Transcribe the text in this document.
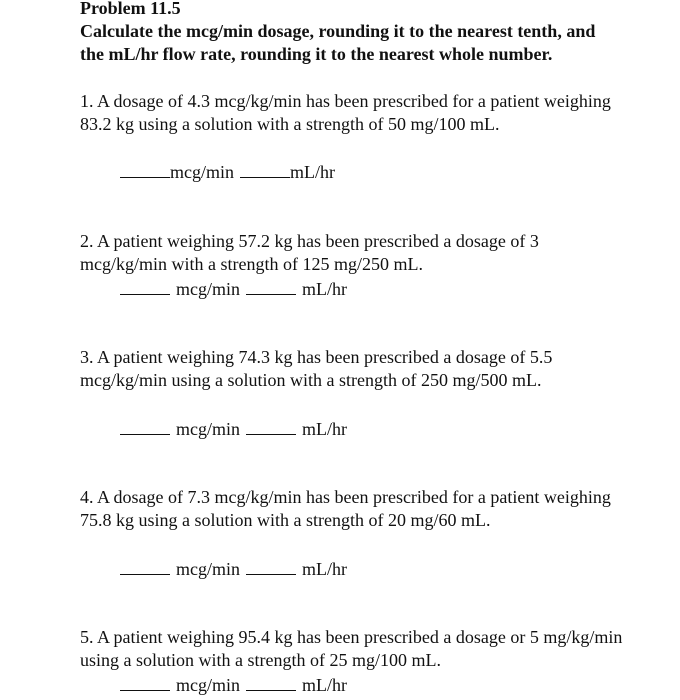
Problem 11.5
Calculate the mcg/min dosage, rounding it to the nearest tenth, and the mL/hr flow rate, rounding it to the nearest whole number.
1. A dosage of 4.3 mcg/kg/min has been prescribed for a patient weighing 83.2 kg using a solution with a strength of 50 mg/100 mL.
mcg/min	mL/hr
2. A patient weighing 57.2 kg has been prescribed a dosage of 3 mcg/kg/min with a strength of 125 mg/250 mL.
mcg/min	mL/hr
3. A patient weighing 74.3 kg has been prescribed a dosage of 5.5 mcg/kg/min using a solution with a strength of 250 mg/500 mL.
mcg/min	mL/hr
4. A dosage of 7.3 mcg/kg/min has been prescribed for a patient weighing 75.8 kg using a solution with a strength of 20 mg/60 mL.
mcg/min	mL/hr
5. A patient weighing 95.4 kg has been prescribed a dosage or 5 mg/kg/min using a solution with a strength of 25 mg/100 mL.
mcg/min	mL/hr
